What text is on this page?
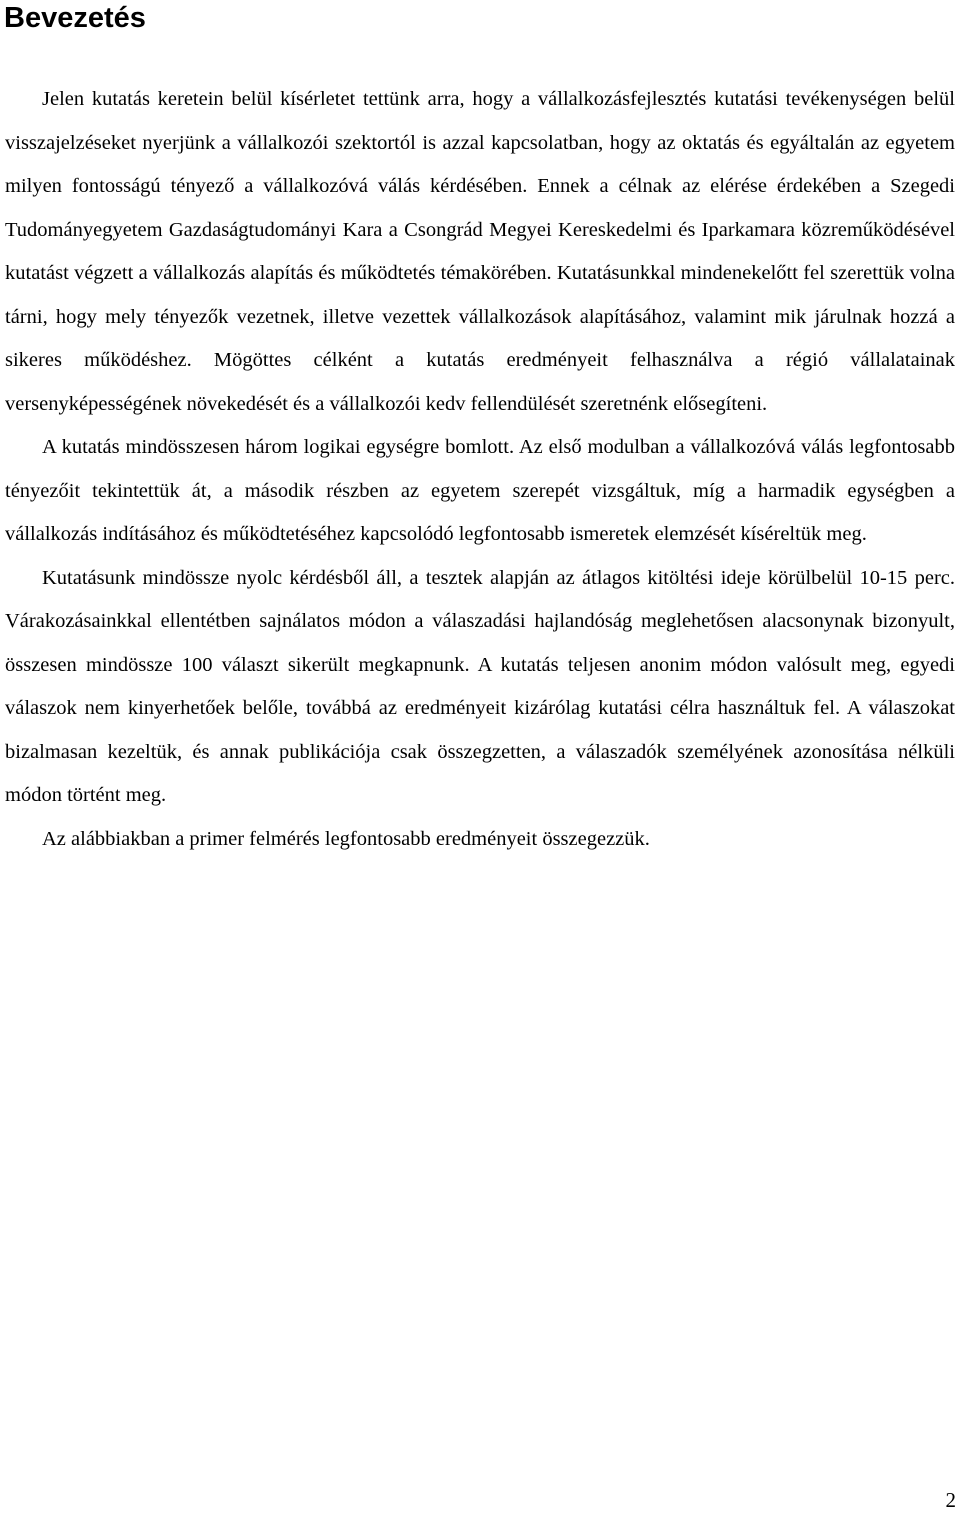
Bevezetés

Jelen kutatás keretein belül kísérletet tettünk arra, hogy a vállalkozásfejlesztés kutatási tevékenységen belül visszajelzéseket nyerjünk a vállalkozói szektortól is azzal kapcsolatban, hogy az oktatás és egyáltalán az egyetem milyen fontosságú tényező a vállalkozóvá válás kérdésében. Ennek a célnak az elérése érdekében a Szegedi Tudományegyetem Gazdaságtudományi Kara a Csongrád Megyei Kereskedelmi és Iparkamara közreműködésével kutatást végzett a vállalkozás alapítás és működtetés témakörében. Kutatásunkkal mindenekelőtt fel szerettük volna tárni, hogy mely tényezők vezetnek, illetve vezettek vállalkozások alapításához, valamint mik járulnak hozzá a sikeres működéshez. Mögöttes célként a kutatás eredményeit felhasználva a régió vállalatainak versenyképességének növekedését és a vállalkozói kedv fellendülését szeretnénk elősegíteni.

A kutatás mindösszesen három logikai egységre bomlott. Az első modulban a vállalkozóvá válás legfontosabb tényezőit tekintettük át, a második részben az egyetem szerepét vizsgáltuk, míg a harmadik egységben a vállalkozás indításához és működtetéséhez kapcsolódó legfontosabb ismeretek elemzését kíséreltük meg.

Kutatásunk mindössze nyolc kérdésből áll, a tesztek alapján az átlagos kitöltési ideje körülbelül 10-15 perc. Várakozásainkkal ellentétben sajnálatos módon a válaszadási hajlandóság meglehetősen alacsonynak bizonyult, összesen mindössze 100 választ sikerült megkapnunk. A kutatás teljesen anonim módon valósult meg, egyedi válaszok nem kinyerhetőek belőle, továbbá az eredményeit kizárólag kutatási célra használtuk fel. A válaszokat bizalmasan kezeltük, és annak publikációja csak összegzetten, a válaszadók személyének azonosítása nélküli módon történt meg.

Az alábbiakban a primer felmérés legfontosabb eredményeit összegezzük.

2
